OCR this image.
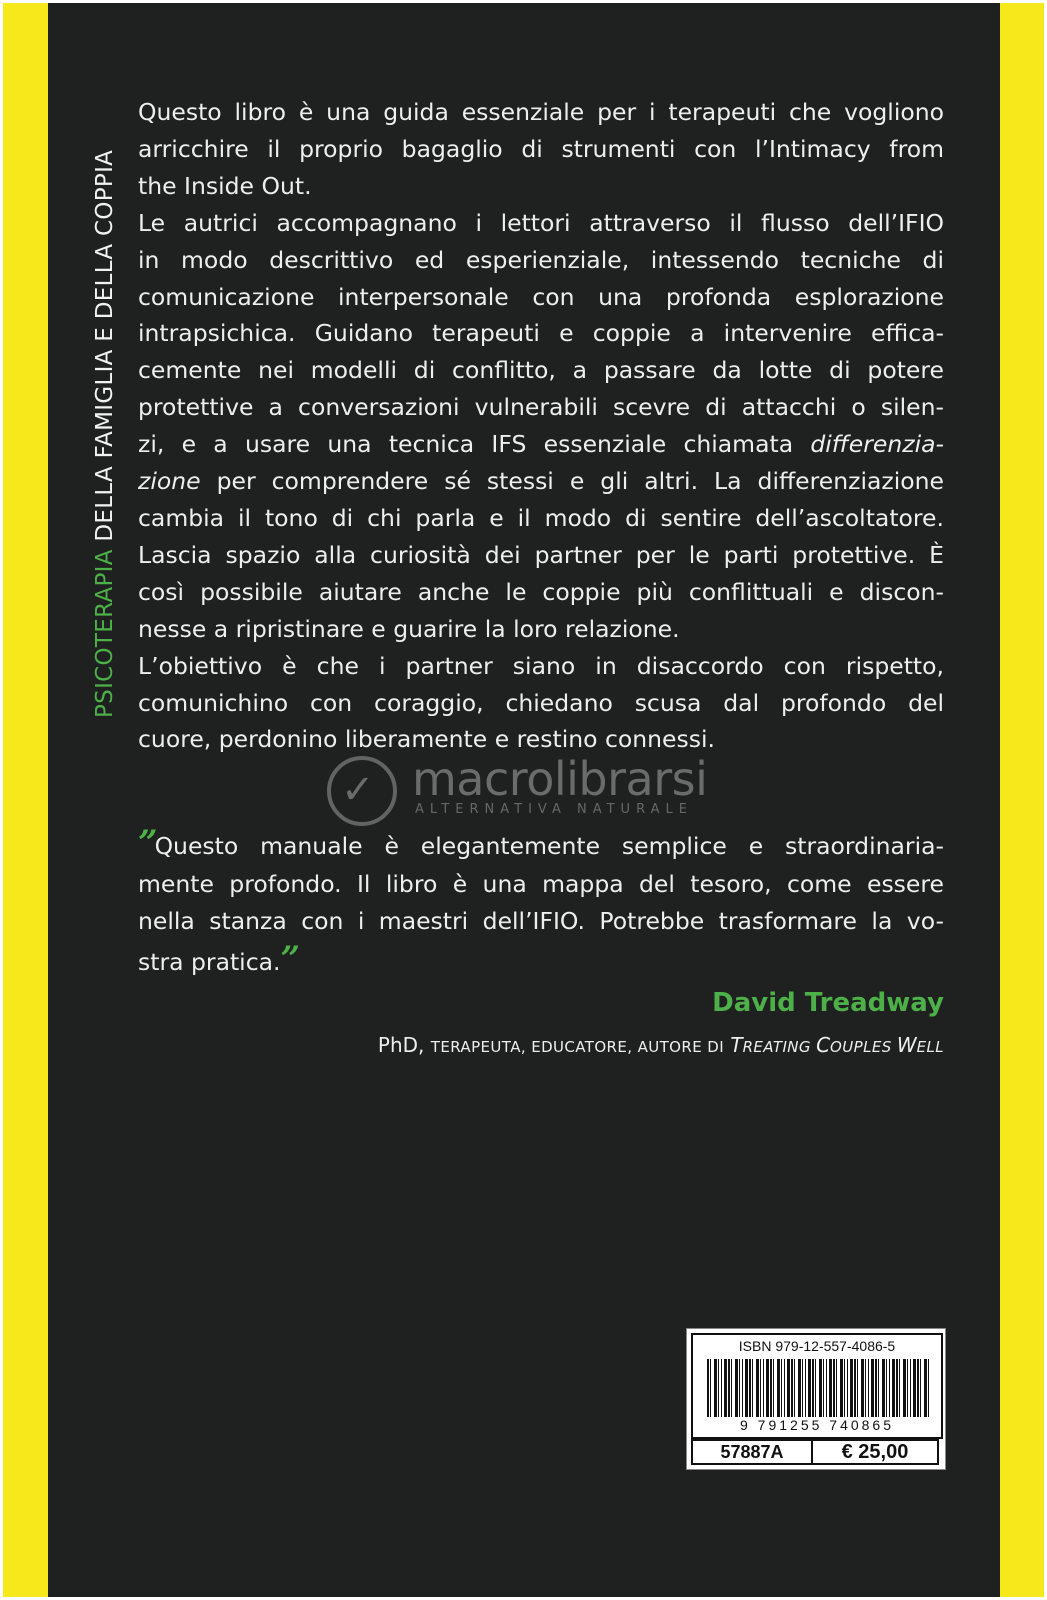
PSICOTERAPIA DELLA FAMIGLIA E DELLA COPPIA
Questo libro è una guida essenziale per i terapeuti che vogliono
arricchire il proprio bagaglio di strumenti con l’Intimacy from
the Inside Out.
Le autrici accompagnano i lettori attraverso il flusso dell’IFIO
in modo descrittivo ed esperienziale, intessendo tecniche di
comunicazione interpersonale con una profonda esplorazione
intrapsichica. Guidano terapeuti e coppie a intervenire effica-
cemente nei modelli di conflitto, a passare da lotte di potere
protettive a conversazioni vulnerabili scevre di attacchi o silen-
zi, e a usare una tecnica IFS essenziale chiamata differenzia-
zione per comprendere sé stessi e gli altri. La differenziazione
cambia il tono di chi parla e il modo di sentire dell’ascoltatore.
Lascia spazio alla curiosità dei partner per le parti protettive. È
così possibile aiutare anche le coppie più conflittuali e discon-
nesse a ripristinare e guarire la loro relazione.
L’obiettivo è che i partner siano in disaccordo con rispetto,
comunichino con coraggio, chiedano scusa dal profondo del
cuore, perdonino liberamente e restino connessi.
✓ macrolibrarsi
ALTERNATIVA NATURALE
”Questo manuale è elegantemente semplice e straordinaria-
mente profondo. Il libro è una mappa del tesoro, come essere
nella stanza con i maestri dell’IFIO. Potrebbe trasformare la vo-
stra pratica.”
David Treadway
PhD, TERAPEUTA, EDUCATORE, AUTORE DI TREATING COUPLES WELL
ISBN 979-12-557-4086-5
9 791255 740865
57887A	€ 25,00
